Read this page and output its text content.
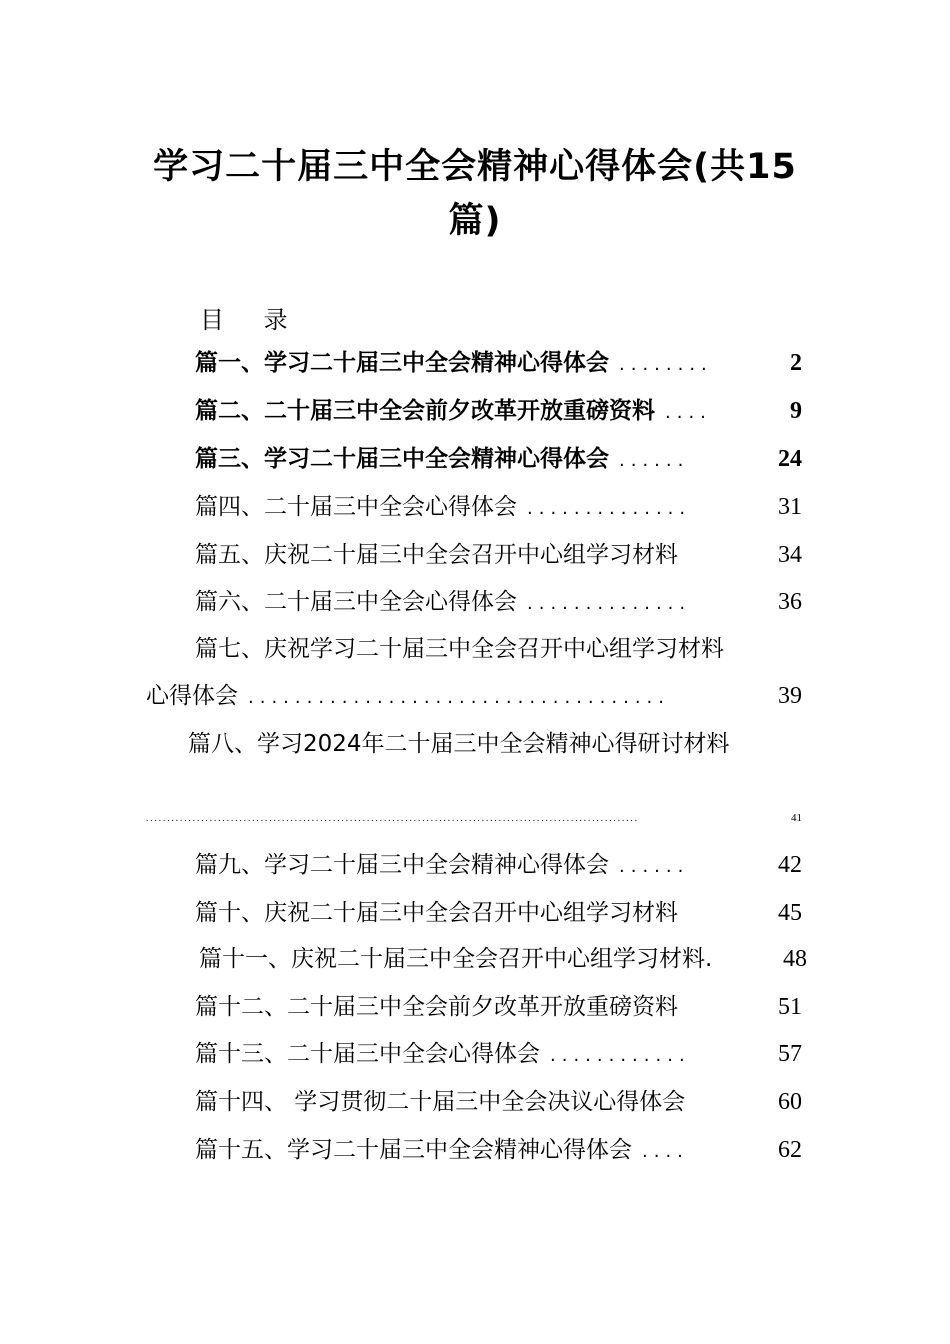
学习二十届三中全会精神心得体会(共15
篇)
目 录
篇一、学习二十届三中全会精神心得体会 ........	2
篇二、二十届三中全会前夕改革开放重磅资料 ....	9
篇三、学习二十届三中全会精神心得体会 ......	24
篇四、二十届三中全会心得体会 ..............	31
篇五、庆祝二十届三中全会召开中心组学习材料	34
篇六、二十届三中全会心得体会 ..............	36
篇七、庆祝学习二十届三中全会召开中心组学习材料
心得体会 ....................................	39
篇八、学习2024年二十届三中全会精神心得研讨材料
....................................................................................................................	41
篇九、学习二十届三中全会精神心得体会 ......	42
篇十、庆祝二十届三中全会召开中心组学习材料	45
篇十一、庆祝二十届三中全会召开中心组学习材料.	48
篇十二、二十届三中全会前夕改革开放重磅资料	51
篇十三、二十届三中全会心得体会 ............	57
篇十四、 学习贯彻二十届三中全会决议心得体会	60
篇十五、学习二十届三中全会精神心得体会 ....	62
